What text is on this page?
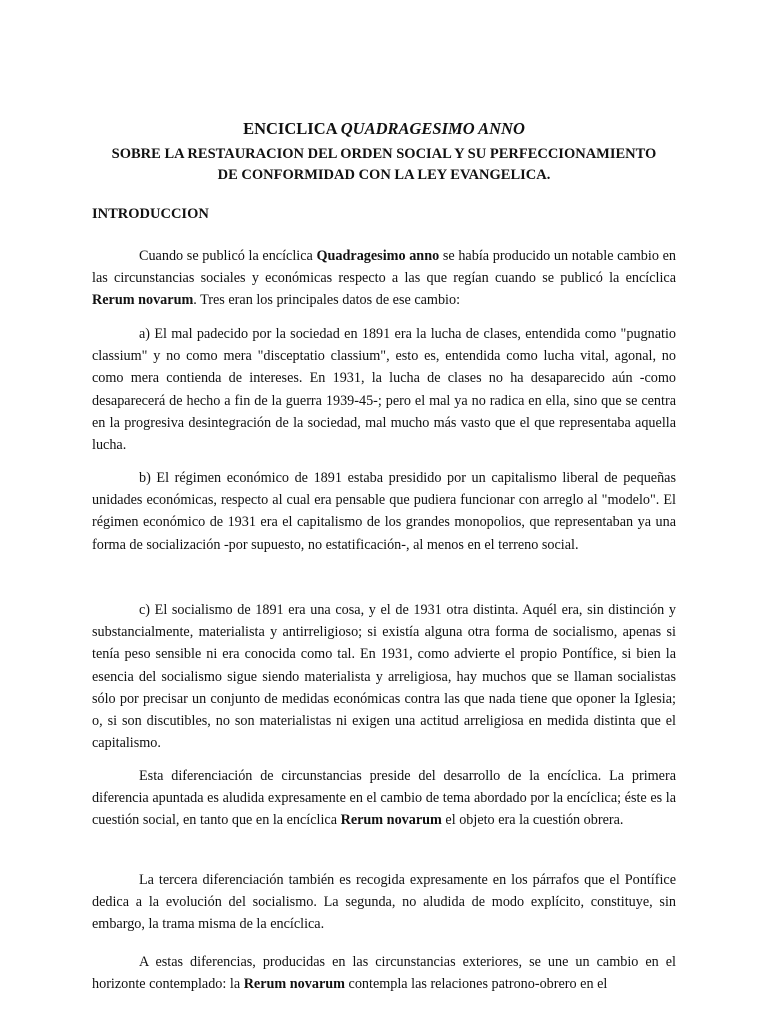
ENCICLICA QUADRAGESIMO ANNO
SOBRE LA RESTAURACION DEL ORDEN SOCIAL Y SU PERFECCIONAMIENTO
DE CONFORMIDAD CON LA LEY EVANGELICA.
INTRODUCCION

Cuando se publicó la encíclica Quadragesimo anno se había producido un notable cambio en las circunstancias sociales y económicas respecto a las que regían cuando se publicó la encíclica Rerum novarum. Tres eran los principales datos de ese cambio:

a) El mal padecido por la sociedad en 1891 era la lucha de clases, entendida como "pugnatio classium" y no como mera "disceptatio classium", esto es, entendida como lucha vital, agonal, no como mera contienda de intereses. En 1931, la lucha de clases no ha desaparecido aún -como desaparecerá de hecho a fin de la guerra 1939-45-; pero el mal ya no radica en ella, sino que se centra en la progresiva desintegración de la sociedad, mal mucho más vasto que el que representaba aquella lucha.

b) El régimen económico de 1891 estaba presidido por un capitalismo liberal de pequeñas unidades económicas, respecto al cual era pensable que pudiera funcionar con arreglo al "modelo". El régimen económico de 1931 era el capitalismo de los grandes monopolios, que representaban ya una forma de socialización -por supuesto, no estatificación-, al menos en el terreno social.

c) El socialismo de 1891 era una cosa, y el de 1931 otra distinta. Aquél era, sin distinción y substancialmente, materialista y antirreligioso; si existía alguna otra forma de socialismo, apenas si tenía peso sensible ni era conocida como tal. En 1931, como advierte el propio Pontífice, si bien la esencia del socialismo sigue siendo materialista y arreligiosa, hay muchos que se llaman socialistas sólo por precisar un conjunto de medidas económicas contra las que nada tiene que oponer la Iglesia; o, si son discutibles, no son materialistas ni exigen una actitud arreligiosa en medida distinta que el capitalismo.

Esta diferenciación de circunstancias preside del desarrollo de la encíclica. La primera diferencia apuntada es aludida expresamente en el cambio de tema abordado por la encíclica; éste es la cuestión social, en tanto que en la encíclica Rerum novarum el objeto era la cuestión obrera.

La tercera diferenciación también es recogida expresamente en los párrafos que el Pontífice dedica a la evolución del socialismo. La segunda, no aludida de modo explícito, constituye, sin embargo, la trama misma de la encíclica.

A estas diferencias, producidas en las circunstancias exteriores, se une un cambio en el horizonte contemplado: la Rerum novarum contempla las relaciones patrono-obrero en el
